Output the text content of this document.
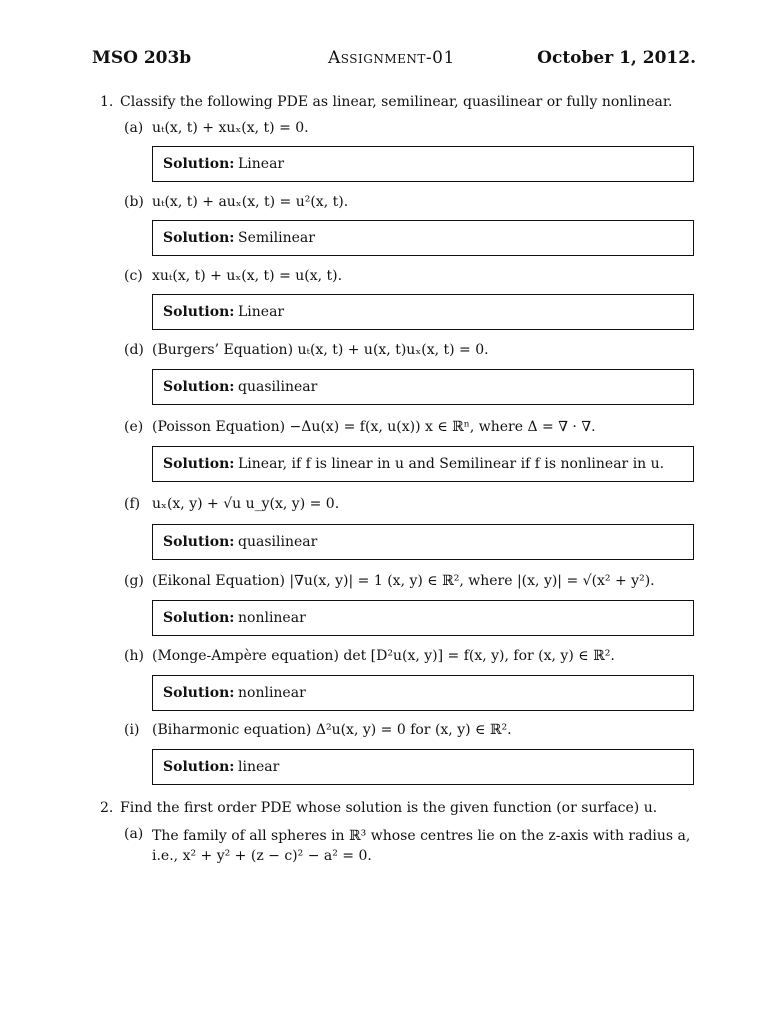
MSO 203b	Assignment-01	October 1, 2012.
1. Classify the following PDE as linear, semilinear, quasilinear or fully nonlinear.
(a) uₜ(x, t) + xuₓ(x, t) = 0.
Solution: Linear
(b) uₜ(x, t) + auₓ(x, t) = u²(x, t).
Solution: Semilinear
(c) xuₜ(x, t) + uₓ(x, t) = u(x, t).
Solution: Linear
(d) (Burgers’ Equation) uₜ(x, t) + u(x, t)uₓ(x, t) = 0.
Solution: quasilinear
(e) (Poisson Equation) −Δu(x) = f(x, u(x)) x ∈ ℝⁿ, where Δ = ∇ · ∇.
Solution: Linear, if f is linear in u and Semilinear if f is nonlinear in u.
(f) uₓ(x, y) + √u u_y(x, y) = 0.
Solution: quasilinear
(g) (Eikonal Equation) |∇u(x, y)| = 1 (x, y) ∈ ℝ², where |(x, y)| = √(x² + y²).
Solution: nonlinear
(h) (Monge-Ampère equation) det [D²u(x, y)] = f(x, y), for (x, y) ∈ ℝ².
Solution: nonlinear
(i) (Biharmonic equation) Δ²u(x, y) = 0 for (x, y) ∈ ℝ².
Solution: linear
2. Find the first order PDE whose solution is the given function (or surface) u.
(a) The family of all spheres in ℝ³ whose centres lie on the z-axis with radius a, i.e., x² + y² + (z − c)² − a² = 0.
